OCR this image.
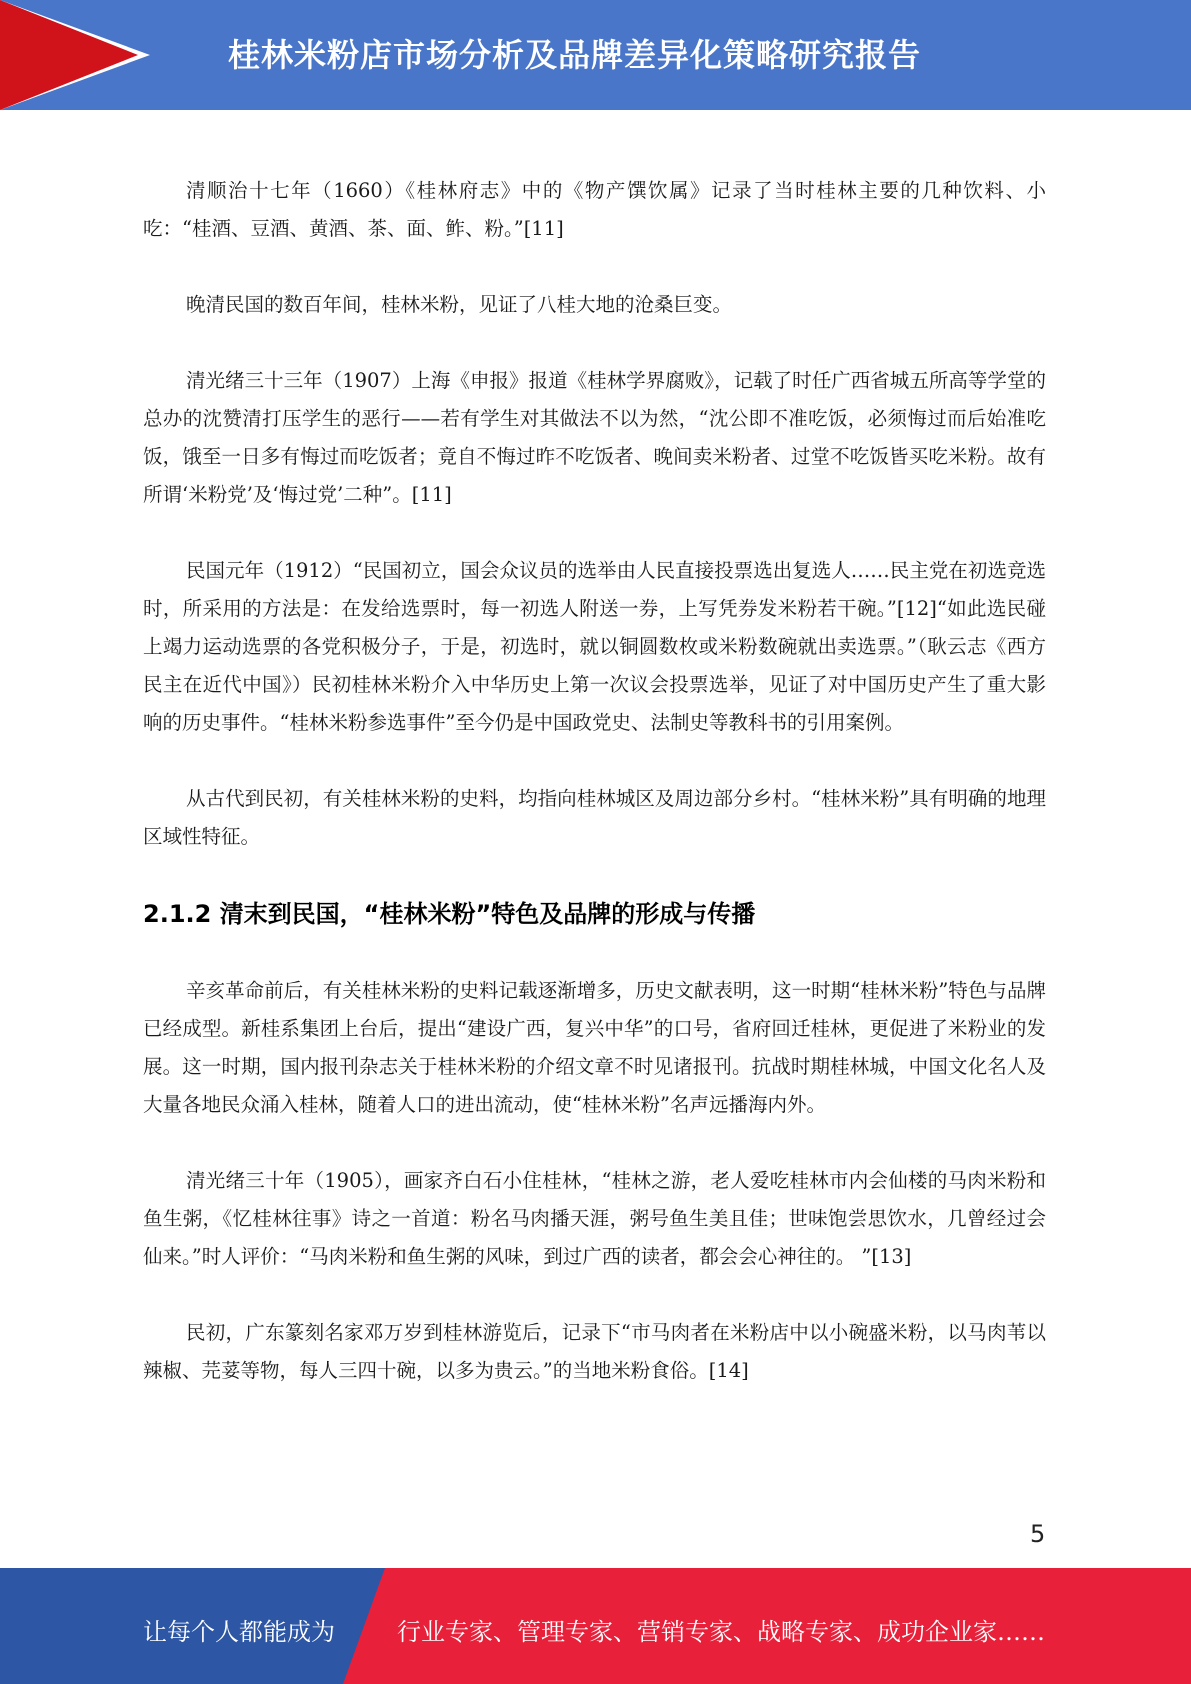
桂林米粉店市场分析及品牌差异化策略研究报告

清顺治十七年（1660）《桂林府志》中的《物产馔饮属》记录了当时桂林主要的几种饮料、小吃：“桂酒、豆酒、黄酒、茶、面、鲊、粉。”[11]

晚清民国的数百年间，桂林米粉，见证了八桂大地的沧桑巨变。

清光绪三十三年（1907）上海《申报》报道《桂林学界腐败》，记载了时任广西省城五所高等学堂的总办的沈赞清打压学生的恶行——若有学生对其做法不以为然，“沈公即不准吃饭，必须悔过而后始准吃饭，饿至一日多有悔过而吃饭者；竟自不悔过昨不吃饭者、晚间卖米粉者、过堂不吃饭皆买吃米粉。故有所谓‘米粉党’及‘悔过党’二种”。[11]

民国元年（1912）“民国初立，国会众议员的选举由人民直接投票选出复选人……民主党在初选竞选时，所采用的方法是：在发给选票时，每一初选人附送一券，上写凭券发米粉若干碗。”[12]“如此选民碰上竭力运动选票的各党积极分子，于是，初选时，就以铜圆数枚或米粉数碗就出卖选票。”（耿云志《西方民主在近代中国》）民初桂林米粉介入中华历史上第一次议会投票选举，见证了对中国历史产生了重大影响的历史事件。“桂林米粉参选事件”至今仍是中国政党史、法制史等教科书的引用案例。

从古代到民初，有关桂林米粉的史料，均指向桂林城区及周边部分乡村。“桂林米粉”具有明确的地理区域性特征。

2.1.2 清末到民国，“桂林米粉”特色及品牌的形成与传播

辛亥革命前后，有关桂林米粉的史料记载逐渐增多，历史文献表明，这一时期“桂林米粉”特色与品牌已经成型。新桂系集团上台后，提出“建设广西，复兴中华”的口号，省府回迁桂林，更促进了米粉业的发展。这一时期，国内报刊杂志关于桂林米粉的介绍文章不时见诸报刊。抗战时期桂林城，中国文化名人及大量各地民众涌入桂林，随着人口的进出流动，使“桂林米粉”名声远播海内外。

清光绪三十年（1905），画家齐白石小住桂林，“桂林之游，老人爱吃桂林市内会仙楼的马肉米粉和鱼生粥，《忆桂林往事》诗之一首道：粉名马肉播天涯，粥号鱼生美且佳；世味饱尝思饮水，几曾经过会仙来。”时人评价：“马肉米粉和鱼生粥的风味，到过广西的读者，都会会心神往的。 ”[13]

民初，广东篆刻名家邓万岁到桂林游览后，记录下“市马肉者在米粉店中以小碗盛米粉，以马肉苇以辣椒、芫荽等物，每人三四十碗，以多为贵云。”的当地米粉食俗。[14]

5
让每个人都能成为	行业专家、管理专家、营销专家、战略专家、成功企业家……
